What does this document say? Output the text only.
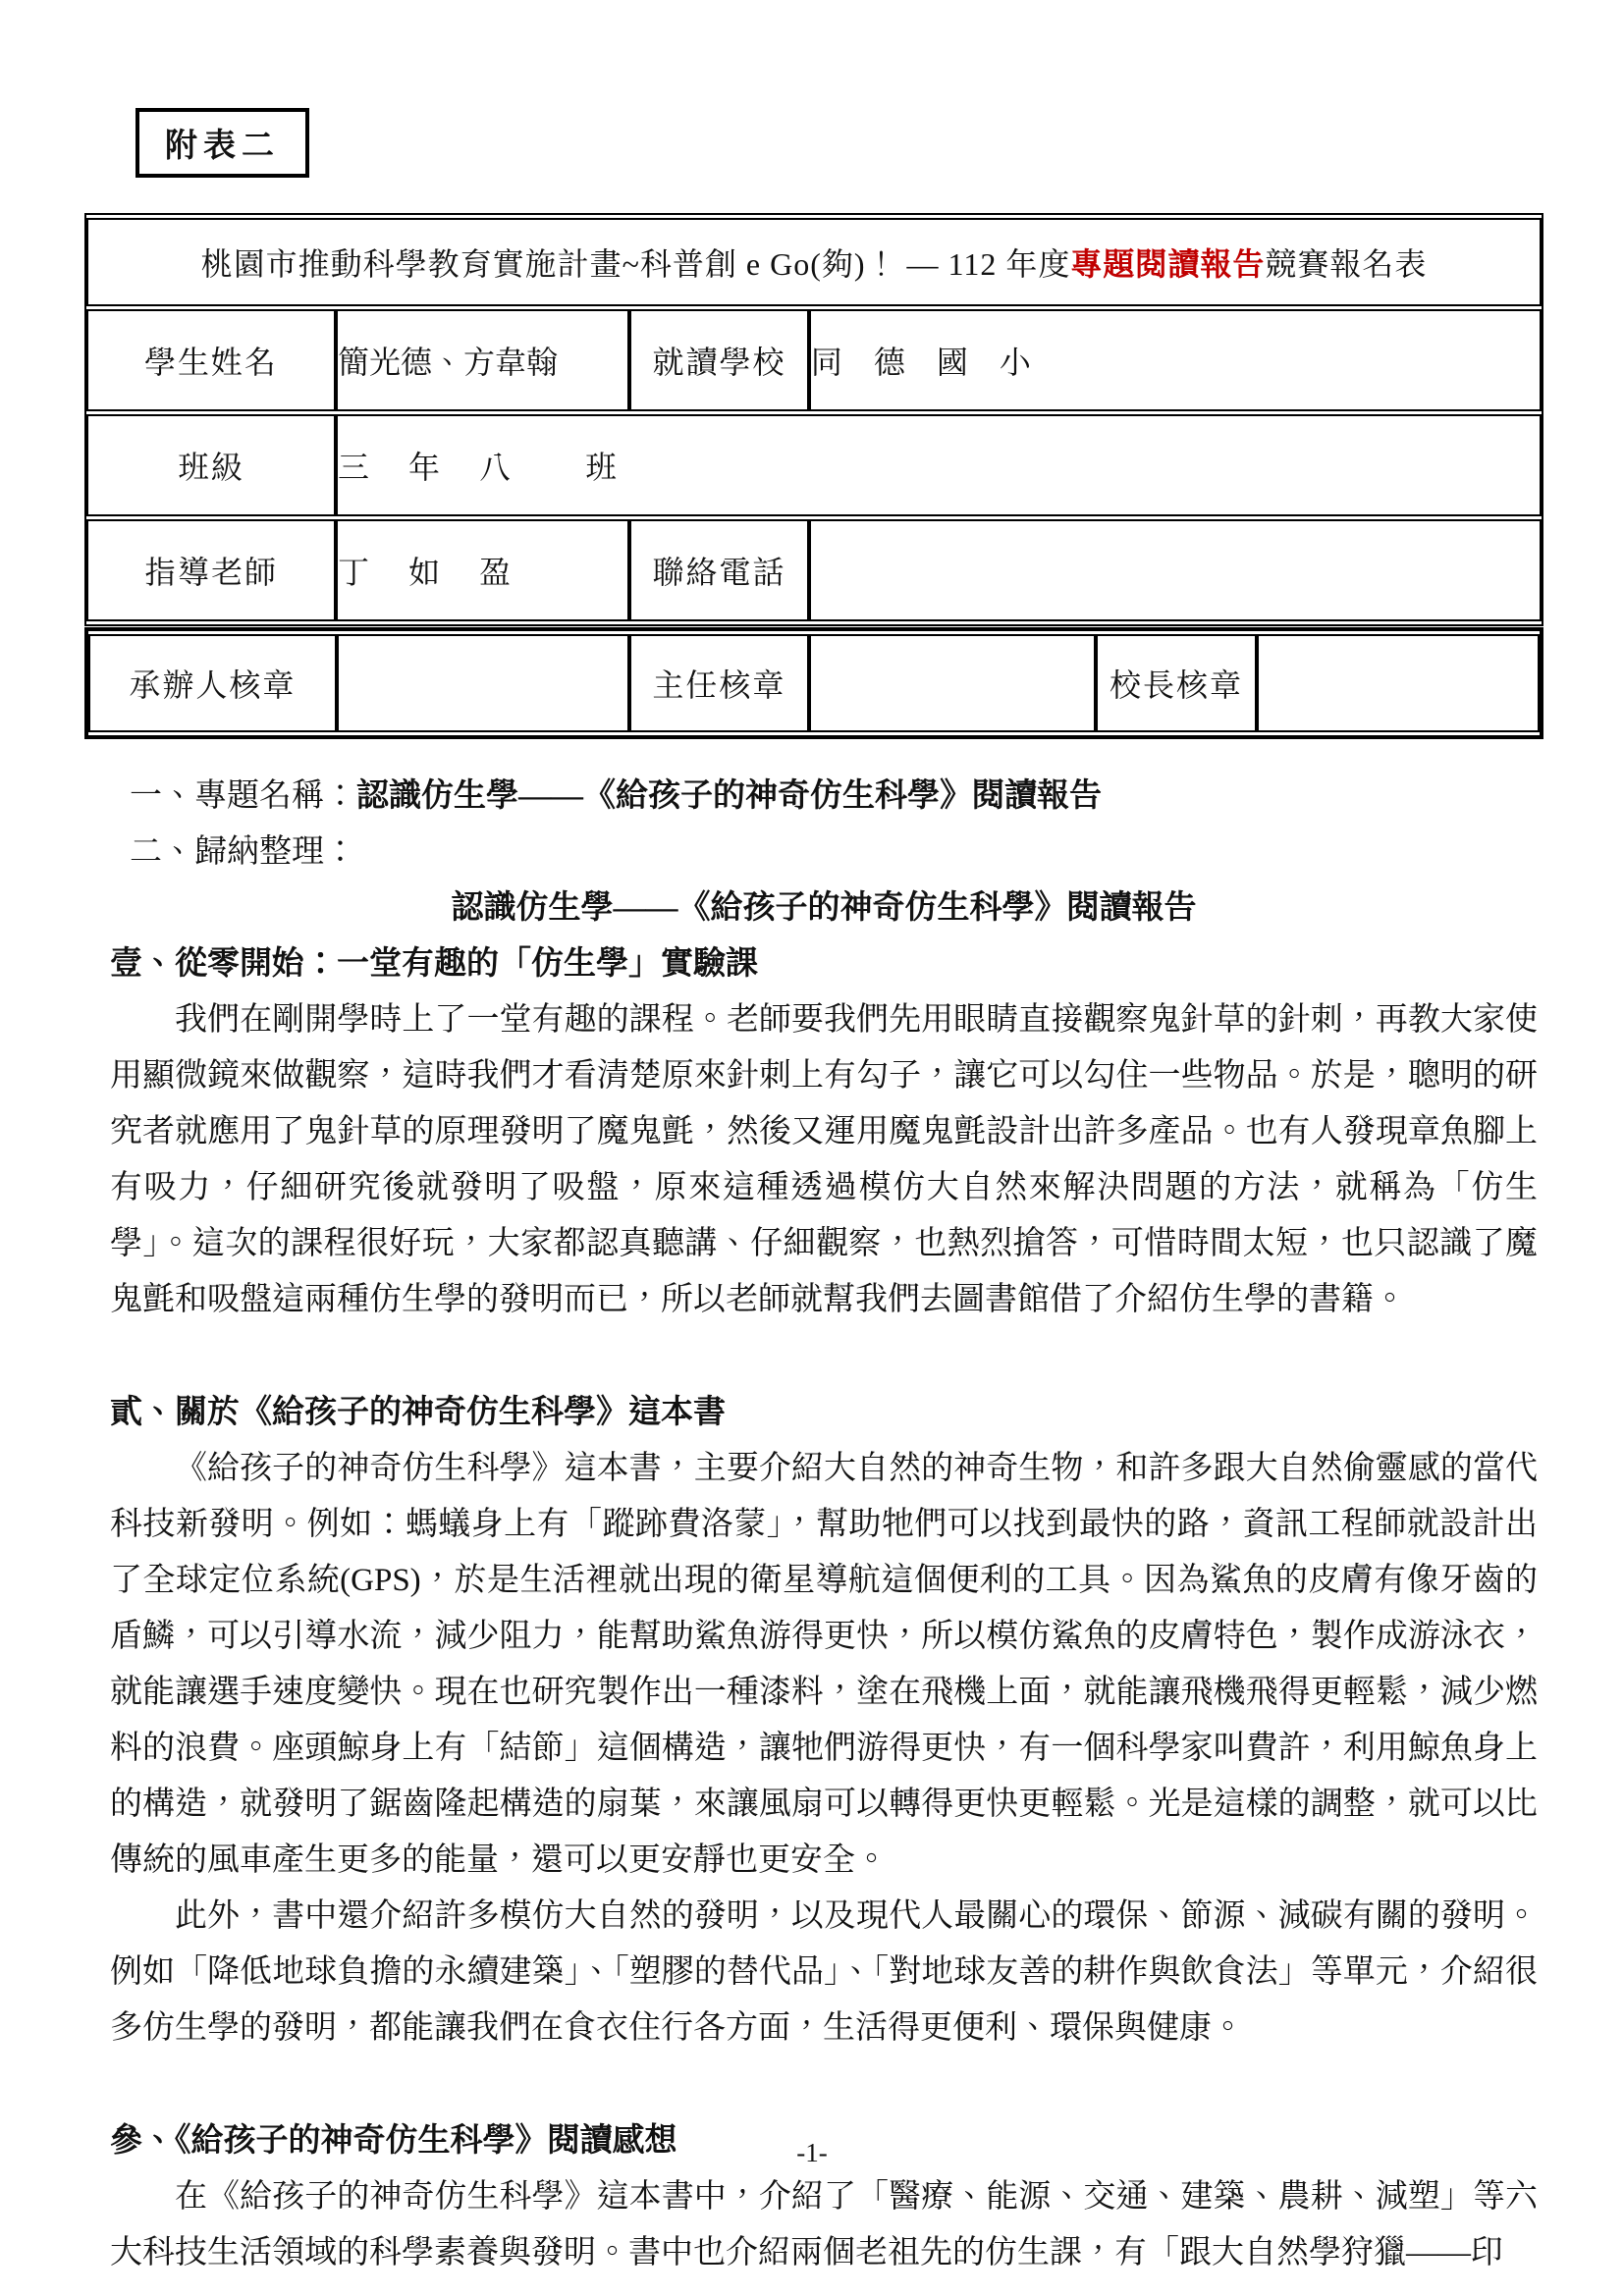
附表二
桃園市推動科學教育實施計畫~科普創 e Go(夠)！ — 112 年度專題閱讀報告競賽報名表			
學生姓名	簡光德、方韋翰	就讀學校	同　德　國　小
班級	三　年　八　　班		
指導老師	丁　如　盈	聯絡電話	
承辦人核章		主任核章		校長核章	

一、專題名稱：認識仿生學——《給孩子的神奇仿生科學》閱讀報告

二、歸納整理：

認識仿生學——《給孩子的神奇仿生科學》閱讀報告

壹、從零開始：一堂有趣的「仿生學」實驗課

我們在剛開學時上了一堂有趣的課程。老師要我們先用眼睛直接觀察鬼針草的針刺，再教大家使用顯微鏡來做觀察，這時我們才看清楚原來針刺上有勾子，讓它可以勾住一些物品。於是，聰明的研究者就應用了鬼針草的原理發明了魔鬼氈，然後又運用魔鬼氈設計出許多產品。也有人發現章魚腳上有吸力，仔細研究後就發明了吸盤，原來這種透過模仿大自然來解決問題的方法，就稱為「仿生學」。這次的課程很好玩，大家都認真聽講、仔細觀察，也熱烈搶答，可惜時間太短，也只認識了魔鬼氈和吸盤這兩種仿生學的發明而已，所以老師就幫我們去圖書館借了介紹仿生學的書籍。

貳、關於《給孩子的神奇仿生科學》這本書

《給孩子的神奇仿生科學》這本書，主要介紹大自然的神奇生物，和許多跟大自然偷靈感的當代科技新發明。例如：螞蟻身上有「蹤跡費洛蒙」，幫助牠們可以找到最快的路，資訊工程師就設計出了全球定位系統(GPS)，於是生活裡就出現的衛星導航這個便利的工具。因為鯊魚的皮膚有像牙齒的盾鱗，可以引導水流，減少阻力，能幫助鯊魚游得更快，所以模仿鯊魚的皮膚特色，製作成游泳衣，就能讓選手速度變快。現在也研究製作出一種漆料，塗在飛機上面，就能讓飛機飛得更輕鬆，減少燃料的浪費。座頭鯨身上有「結節」這個構造，讓牠們游得更快，有一個科學家叫費許，利用鯨魚身上的構造，就發明了鋸齒隆起構造的扇葉，來讓風扇可以轉得更快更輕鬆。光是這樣的調整，就可以比傳統的風車產生更多的能量，還可以更安靜也更安全。

此外，書中還介紹許多模仿大自然的發明，以及現代人最關心的環保、節源、減碳有關的發明。例如「降低地球負擔的永續建築」、「塑膠的替代品」、「對地球友善的耕作與飲食法」等單元，介紹很多仿生學的發明，都能讓我們在食衣住行各方面，生活得更便利、環保與健康。

參、《給孩子的神奇仿生科學》閱讀感想

在《給孩子的神奇仿生科學》這本書中，介紹了「醫療、能源、交通、建築、農耕、減塑」等六大科技生活領域的科學素養與發明。書中也介紹兩個老祖先的仿生課，有「跟大自然學狩獵——印

-1-
